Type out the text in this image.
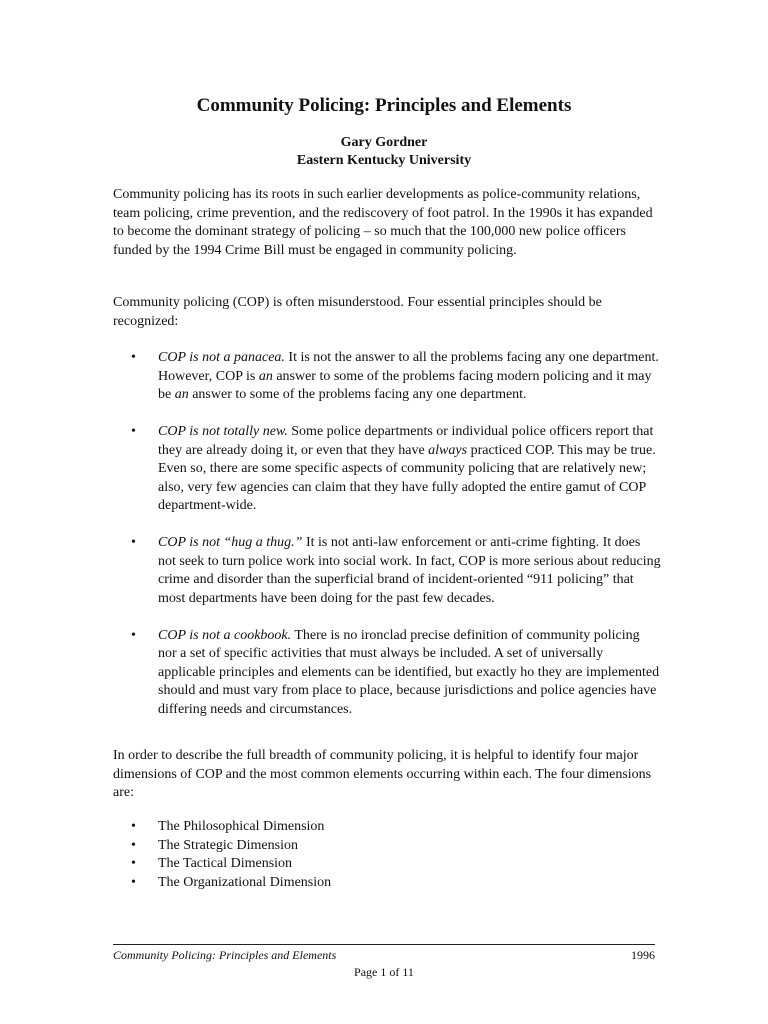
Community Policing: Principles and Elements
Gary Gordner
Eastern Kentucky University
Community policing has its roots in such earlier developments as police-community relations, team policing, crime prevention, and the rediscovery of foot patrol. In the 1990s it has expanded to become the dominant strategy of policing – so much that the 100,000 new police officers funded by the 1994 Crime Bill must be engaged in community policing.
Community policing (COP) is often misunderstood. Four essential principles should be recognized:
• COP is not a panacea. It is not the answer to all the problems facing any one department. However, COP is an answer to some of the problems facing modern policing and it may be an answer to some of the problems facing any one department.
• COP is not totally new. Some police departments or individual police officers report that they are already doing it, or even that they have always practiced COP. This may be true. Even so, there are some specific aspects of community policing that are relatively new; also, very few agencies can claim that they have fully adopted the entire gamut of COP department-wide.
• COP is not “hug a thug.” It is not anti-law enforcement or anti-crime fighting. It does not seek to turn police work into social work. In fact, COP is more serious about reducing crime and disorder than the superficial brand of incident-oriented “911 policing” that most departments have been doing for the past few decades.
• COP is not a cookbook. There is no ironclad precise definition of community policing nor a set of specific activities that must always be included. A set of universally applicable principles and elements can be identified, but exactly ho they are implemented should and must vary from place to place, because jurisdictions and police agencies have differing needs and circumstances.
In order to describe the full breadth of community policing, it is helpful to identify four major dimensions of COP and the most common elements occurring within each. The four dimensions are:
• The Philosophical Dimension
• The Strategic Dimension
• The Tactical Dimension
• The Organizational Dimension
Community Policing: Principles and Elements	1996
Page 1 of 11
